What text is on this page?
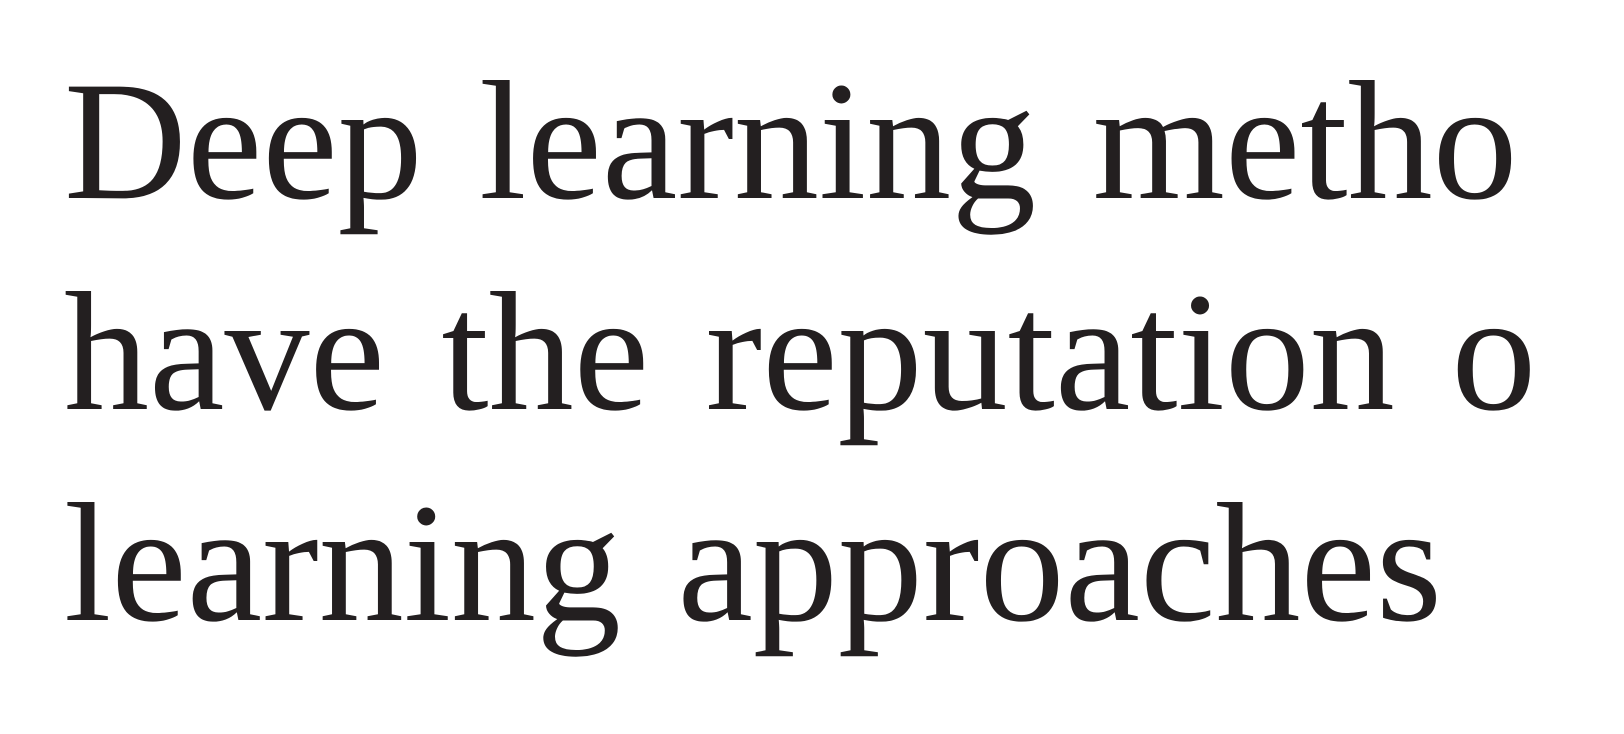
Deep learning metho
have the reputation o
learning approaches
